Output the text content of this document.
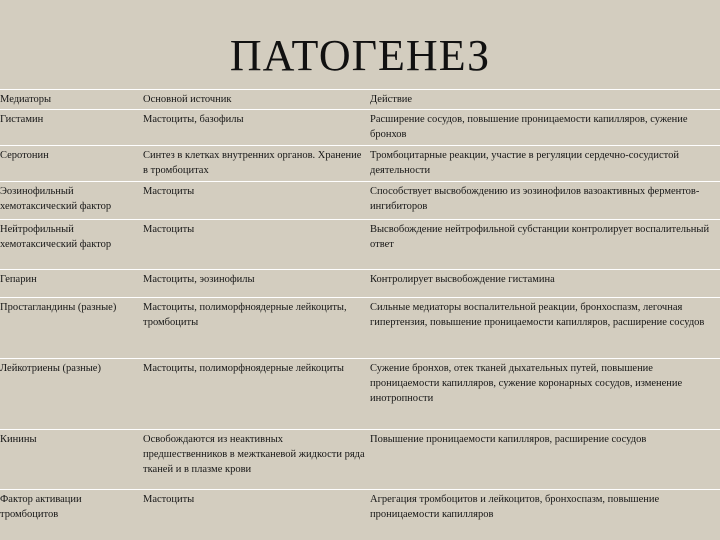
ПАТОГЕНЕЗ
Медиаторы	Основной источник	Действие
Гистамин	Мастоциты, базофилы	Расширение сосудов, повышение проницаемости капилляров, сужение бронхов
Серотонин	Синтез в клетках внутренних органов. Хранение в тромбоцитах	Тромбоцитарные реакции, участие в регуляции сердечно-сосудистой деятельности
Эозинофильный хемотаксический фактор	Мастоциты	Способствует высвобождению из эозинофилов вазоактивных ферментов-ингибиторов
Нейтрофильный хемотаксический фактор	Мастоциты	Высвобождение нейтрофильной субстанции контролирует воспалительный ответ
Гепарин	Мастоциты, эозинофилы	Контролирует высвобождение гистамина
Простагландины (разные)	Мастоциты, полиморфноядерные лейкоциты, тромбоциты	Сильные медиаторы воспалительной реакции, бронхоспазм, легочная гипертензия, повышение проницаемости капилляров, расширение сосудов
Лейкотриены (разные)	Мастоциты, полиморфноядерные лейкоциты	Сужение бронхов, отек тканей дыхательных путей, повышение проницаемости капилляров, сужение коронарных сосудов, изменение инотропности
Кинины	Освобождаются из неактивных предшественников в межтканевой жидкости ряда тканей и в плазме крови	Повышение проницаемости капилляров, расширение сосудов
Фактор активации тромбоцитов	Мастоциты	Агрегация тромбоцитов и лейкоцитов, бронхоспазм, повышение проницаемости капилляров
